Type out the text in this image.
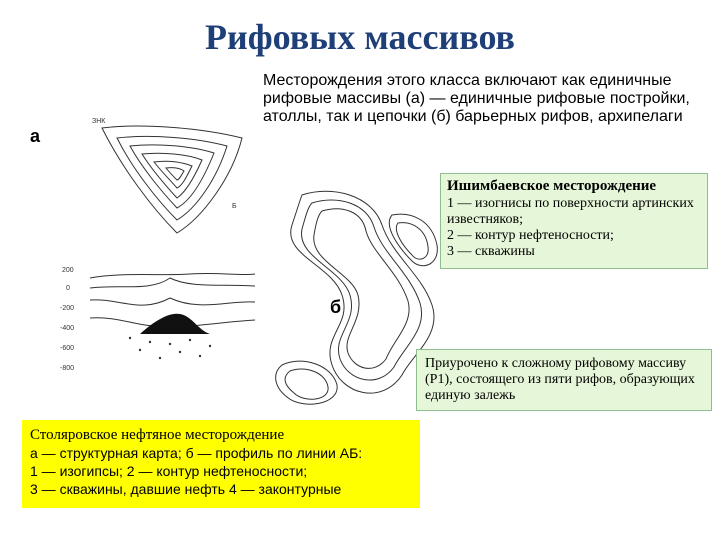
Рифовых массивов
Месторождения этого класса включают как единичные рифовые массивы (а) — единичные рифовые постройки, атоллы, так и цепочки (б) барьерных рифов, архипелаги
а
ЗНК
Б
200
0
-200
-400
-600
-800
б
Ишимбаевское месторождение
1 — изогнисы по поверхности артинских известняков;
2 — контур нефтеносности;
3 — скважины
Приурочено к сложному рифовому массиву (Р1), состоящего из пяти рифов, образующих единую залежь
Столяровское нефтяное месторождение
а — структурная карта; б — профиль по линии АБ:
1 — изогипсы; 2 — контур нефтеносности;
3 — скважины, давшие нефть 4 — законтурные
